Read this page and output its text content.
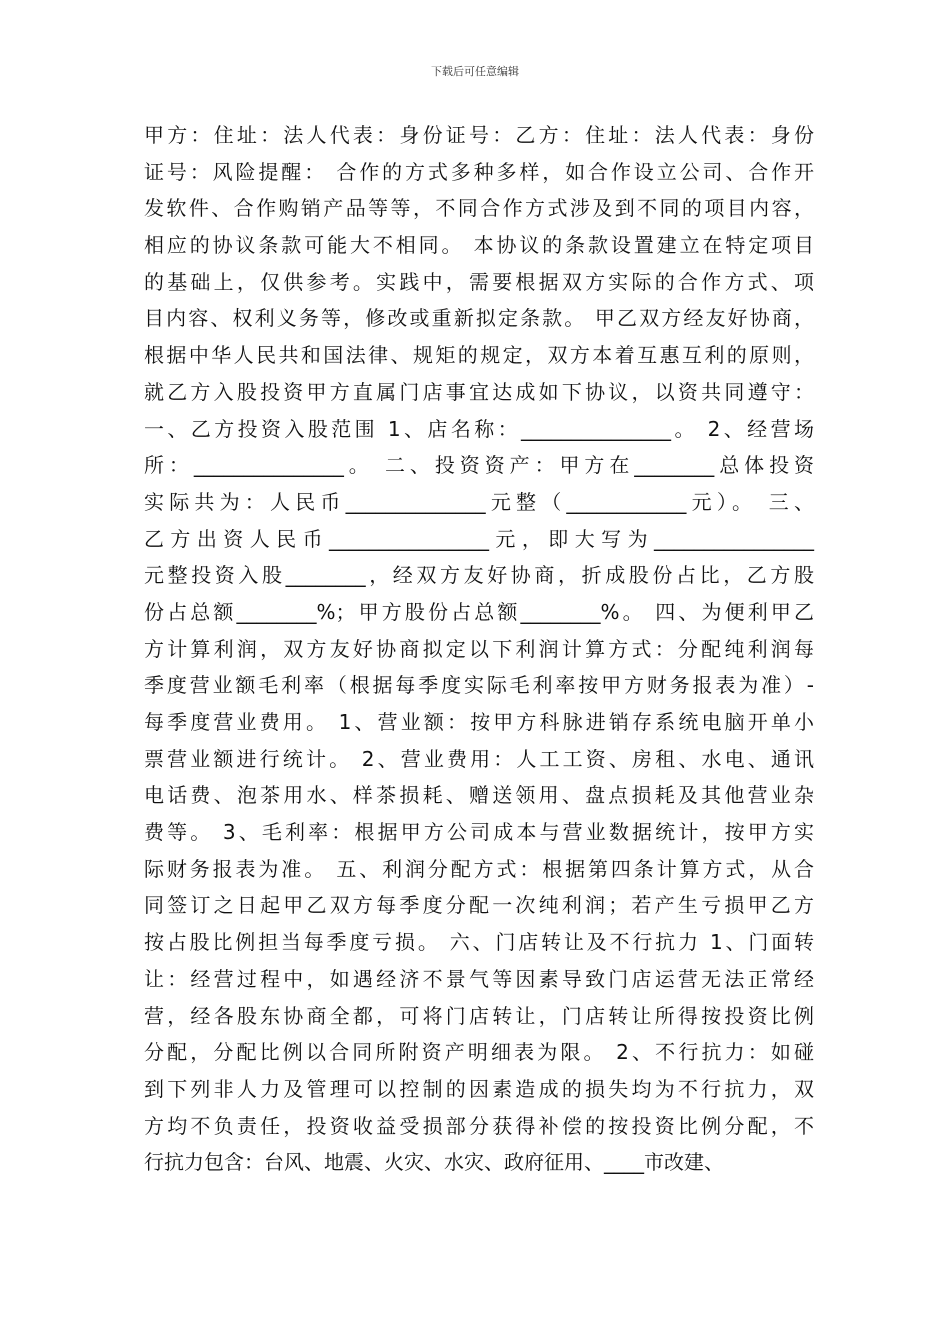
下载后可任意编辑
甲方：住址：法人代表：身份证号：乙方：住址：法人代表：身份
证号：风险提醒： 合作的方式多种多样，如合作设立公司、合作开
发软件、合作购销产品等等，不同合作方式涉及到不同的项目内容，
相应的协议条款可能大不相同。 本协议的条款设置建立在特定项目
的基础上，仅供参考。实践中，需要根据双方实际的合作方式、项
目内容、权利义务等，修改或重新拟定条款。 甲乙双方经友好协商，
根据中华人民共和国法律、规矩的规定，双方本着互惠互利的原则，
就乙方入股投资甲方直属门店事宜达成如下协议，以资共同遵守：
一、乙方投资入股范围 1、店名称：_______________。 2、经营场
所：_______________。 二、投资资产：甲方在________总体投资
实际共为：人民币______________元整（____________元）。 三、
乙方出资人民币________________元，即大写为________________
元整投资入股________，经双方友好协商，折成股份占比，乙方股
份占总额________%；甲方股份占总额________%。 四、为便利甲乙
方计算利润，双方友好协商拟定以下利润计算方式：分配纯利润每
季度营业额毛利率（根据每季度实际毛利率按甲方财务报表为准）-
每季度营业费用。 1、营业额：按甲方科脉进销存系统电脑开单小
票营业额进行统计。 2、营业费用：人工工资、房租、水电、通讯
电话费、泡茶用水、样茶损耗、赠送领用、盘点损耗及其他营业杂
费等。 3、毛利率：根据甲方公司成本与营业数据统计，按甲方实
际财务报表为准。 五、利润分配方式：根据第四条计算方式，从合
同签订之日起甲乙双方每季度分配一次纯利润；若产生亏损甲乙方
按占股比例担当每季度亏损。 六、门店转让及不行抗力 1、门面转
让：经营过程中，如遇经济不景气等因素导致门店运营无法正常经
营，经各股东协商全都，可将门店转让，门店转让所得按投资比例
分配，分配比例以合同所附资产明细表为限。 2、不行抗力：如碰
到下列非人力及管理可以控制的因素造成的损失均为不行抗力，双
方均不负责任，投资收益受损部分获得补偿的按投资比例分配，不
行抗力包含：台风、地震、火灾、水灾、政府征用、____市改建、
